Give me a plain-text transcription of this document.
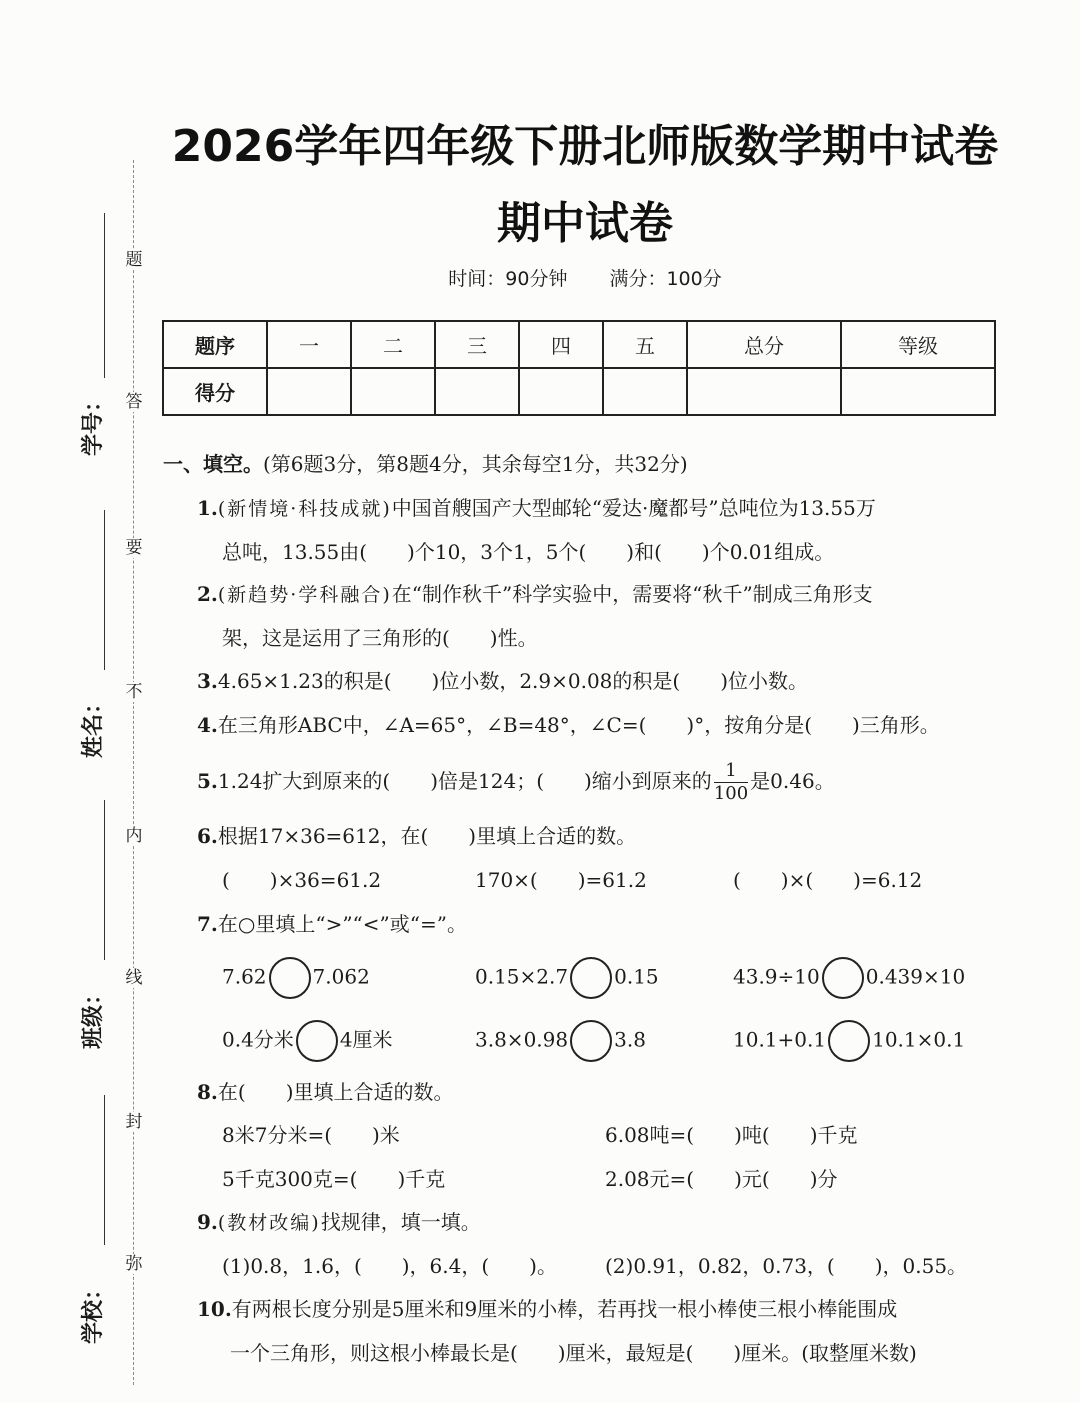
题
答
要
不
内
线
封
弥
学号：
姓名：
班级：
学校：
2026学年四年级下册北师版数学期中试卷
期中试卷
时间：90分钟 满分：100分
题序	一	二	三	四	五	总分	等级
得分							
一、填空。(第6题3分，第8题4分，其余每空1分，共32分)
1.(新情境·科技成就)中国首艘国产大型邮轮“爱达·魔都号”总吨位为13.55万
总吨，13.55由(　　)个10，3个1，5个(　　)和(　　)个0.01组成。
2.(新趋势·学科融合)在“制作秋千”科学实验中，需要将“秋千”制成三角形支
架，这是运用了三角形的(　　)性。
3.4.65×1.23的积是(　　)位小数，2.9×0.08的积是(　　)位小数。
4.在三角形ABC中，∠A=65°，∠B=48°，∠C=(　　)°，按角分是(　　)三角形。
5.1.24扩大到原来的(　　)倍是124；(　　)缩小到原来的 $\frac{1}{100}$ 是0.46。
6.根据17×36=612，在(　　)里填上合适的数。
(　　)×36=61.2	170×(　　)=61.2	(　　)×(　　)=6.12
7.在○里填上“>”“<”或“=”。
7.62 7.062	0.15×2.7 0.15	43.9÷10 0.439×10
0.4分米 4厘米	3.8×0.98 3.8	10.1+0.1 10.1×0.1
8.在(　　)里填上合适的数。
8米7分米=(　　)米	6.08吨=(　　)吨(　　)千克
5千克300克=(　　)千克	2.08元=(　　)元(　　)分
9.(教材改编)找规律，填一填。
(1)0.8，1.6，(　　)，6.4，(　　)。 (2)0.91，0.82，0.73，(　　)，0.55。
10.有两根长度分别是5厘米和9厘米的小棒，若再找一根小棒使三根小棒能围成
一个三角形，则这根小棒最长是(　　)厘米，最短是(　　)厘米。(取整厘米数)
